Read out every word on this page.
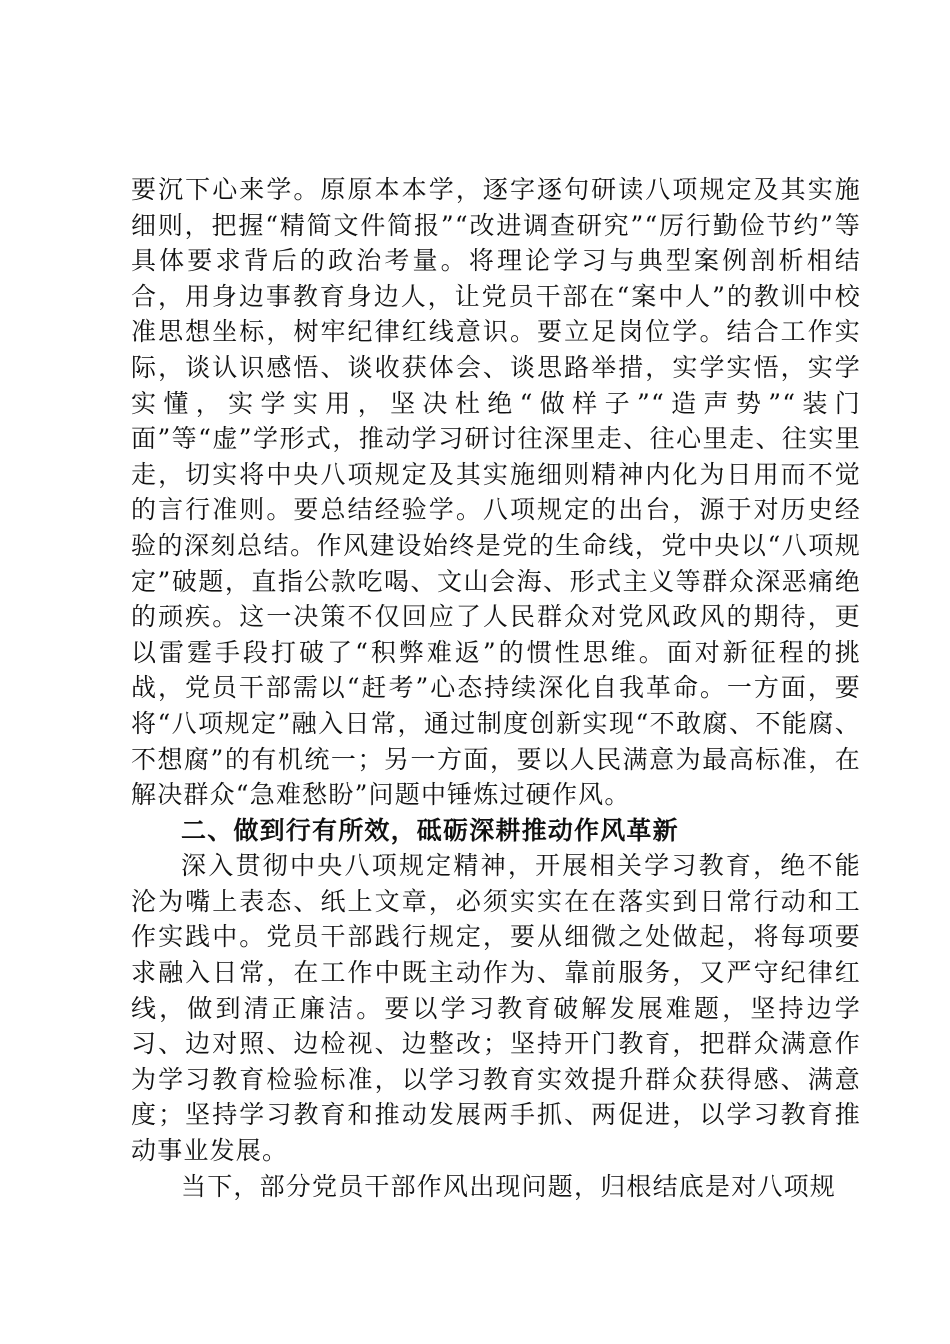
要沉下心来学。原原本本学，逐字逐句研读八项规定及其实施细则，把握“精简文件简报”“改进调查研究”“厉行勤俭节约”等具体要求背后的政治考量。将理论学习与典型案例剖析相结合，用身边事教育身边人，让党员干部在“案中人”的教训中校准思想坐标，树牢纪律红线意识。要立足岗位学。结合工作实际，谈认识感悟、谈收获体会、谈思路举措，实学实悟，实学实懂，实学实用，坚决杜绝“做样子”“造声势”“装门面”等“虚”学形式，推动学习研讨往深里走、往心里走、往实里走，切实将中央八项规定及其实施细则精神内化为日用而不觉的言行准则。要总结经验学。八项规定的出台，源于对历史经验的深刻总结。作风建设始终是党的生命线，党中央以“八项规定”破题，直指公款吃喝、文山会海、形式主义等群众深恶痛绝的顽疾。这一决策不仅回应了人民群众对党风政风的期待，更以雷霆手段打破了“积弊难返”的惯性思维。面对新征程的挑战，党员干部需以“赶考”心态持续深化自我革命。一方面，要将“八项规定”融入日常，通过制度创新实现“不敢腐、不能腐、不想腐”的有机统一；另一方面，要以人民满意为最高标准，在解决群众“急难愁盼”问题中锤炼过硬作风。

二、做到行有所效，砥砺深耕推动作风革新

深入贯彻中央八项规定精神，开展相关学习教育，绝不能沦为嘴上表态、纸上文章，必须实实在在落实到日常行动和工作实践中。党员干部践行规定，要从细微之处做起，将每项要求融入日常，在工作中既主动作为、靠前服务，又严守纪律红线，做到清正廉洁。要以学习教育破解发展难题，坚持边学习、边对照、边检视、边整改；坚持开门教育，把群众满意作为学习教育检验标准，以学习教育实效提升群众获得感、满意度；坚持学习教育和推动发展两手抓、两促进，以学习教育推动事业发展。

当下，部分党员干部作风出现问题，归根结底是对八项规
